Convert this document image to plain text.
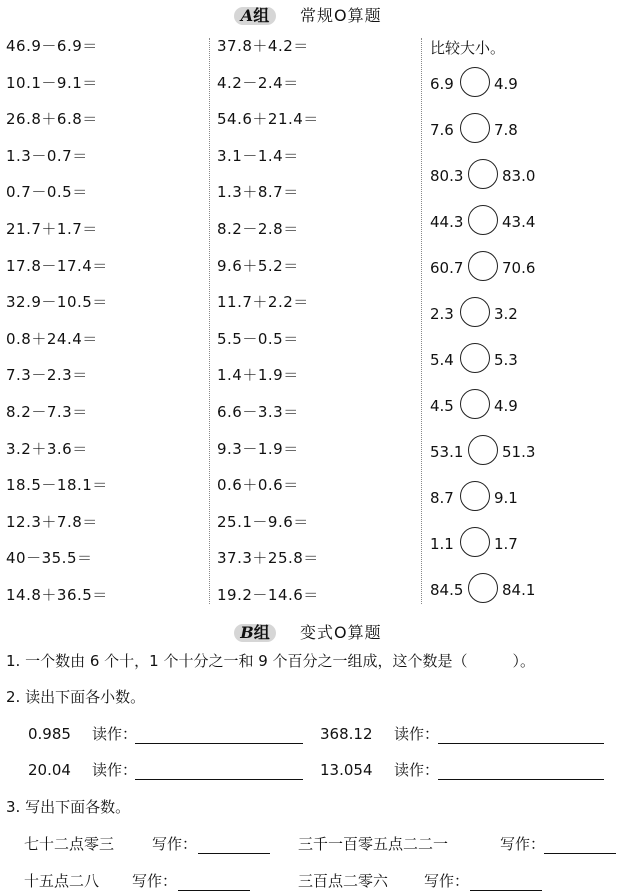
A组	常规O算题
46.9－6.9＝
10.1－9.1＝
26.8＋6.8＝
1.3－0.7＝
0.7－0.5＝
21.7＋1.7＝
17.8－17.4＝
32.9－10.5＝
0.8＋24.4＝
7.3－2.3＝
8.2－7.3＝
3.2＋3.6＝
18.5－18.1＝
12.3＋7.8＝
40－35.5＝
14.8＋36.5＝
37.8＋4.2＝
4.2－2.4＝
54.6＋21.4＝
3.1－1.4＝
1.3＋8.7＝
8.2－2.8＝
9.6＋5.2＝
11.7＋2.2＝
5.5－0.5＝
1.4＋1.9＝
6.6－3.3＝
9.3－1.9＝
0.6＋0.6＝
25.1－9.6＝
37.3＋25.8＝
19.2－14.6＝
比较大小。
6.9	4.9
7.6	7.8
80.3	83.0
44.3	43.4
60.7	70.6
2.3	3.2
5.4	5.3
4.5	4.9
53.1	51.3
8.7	9.1
1.1	1.7
84.5	84.1
B组	变式O算题
1. 一个数由 6 个十，1 个十分之一和 9 个百分之一组成，这个数是（　　　）。
2. 读出下面各小数。
0.985 读作：	368.12 读作：
20.04 读作：	13.054 读作：
3. 写出下面各数。
七十二点零三	写作：	三千一百零五点二二一	写作：
十五点二八 写作：	三百点二零六 写作：
